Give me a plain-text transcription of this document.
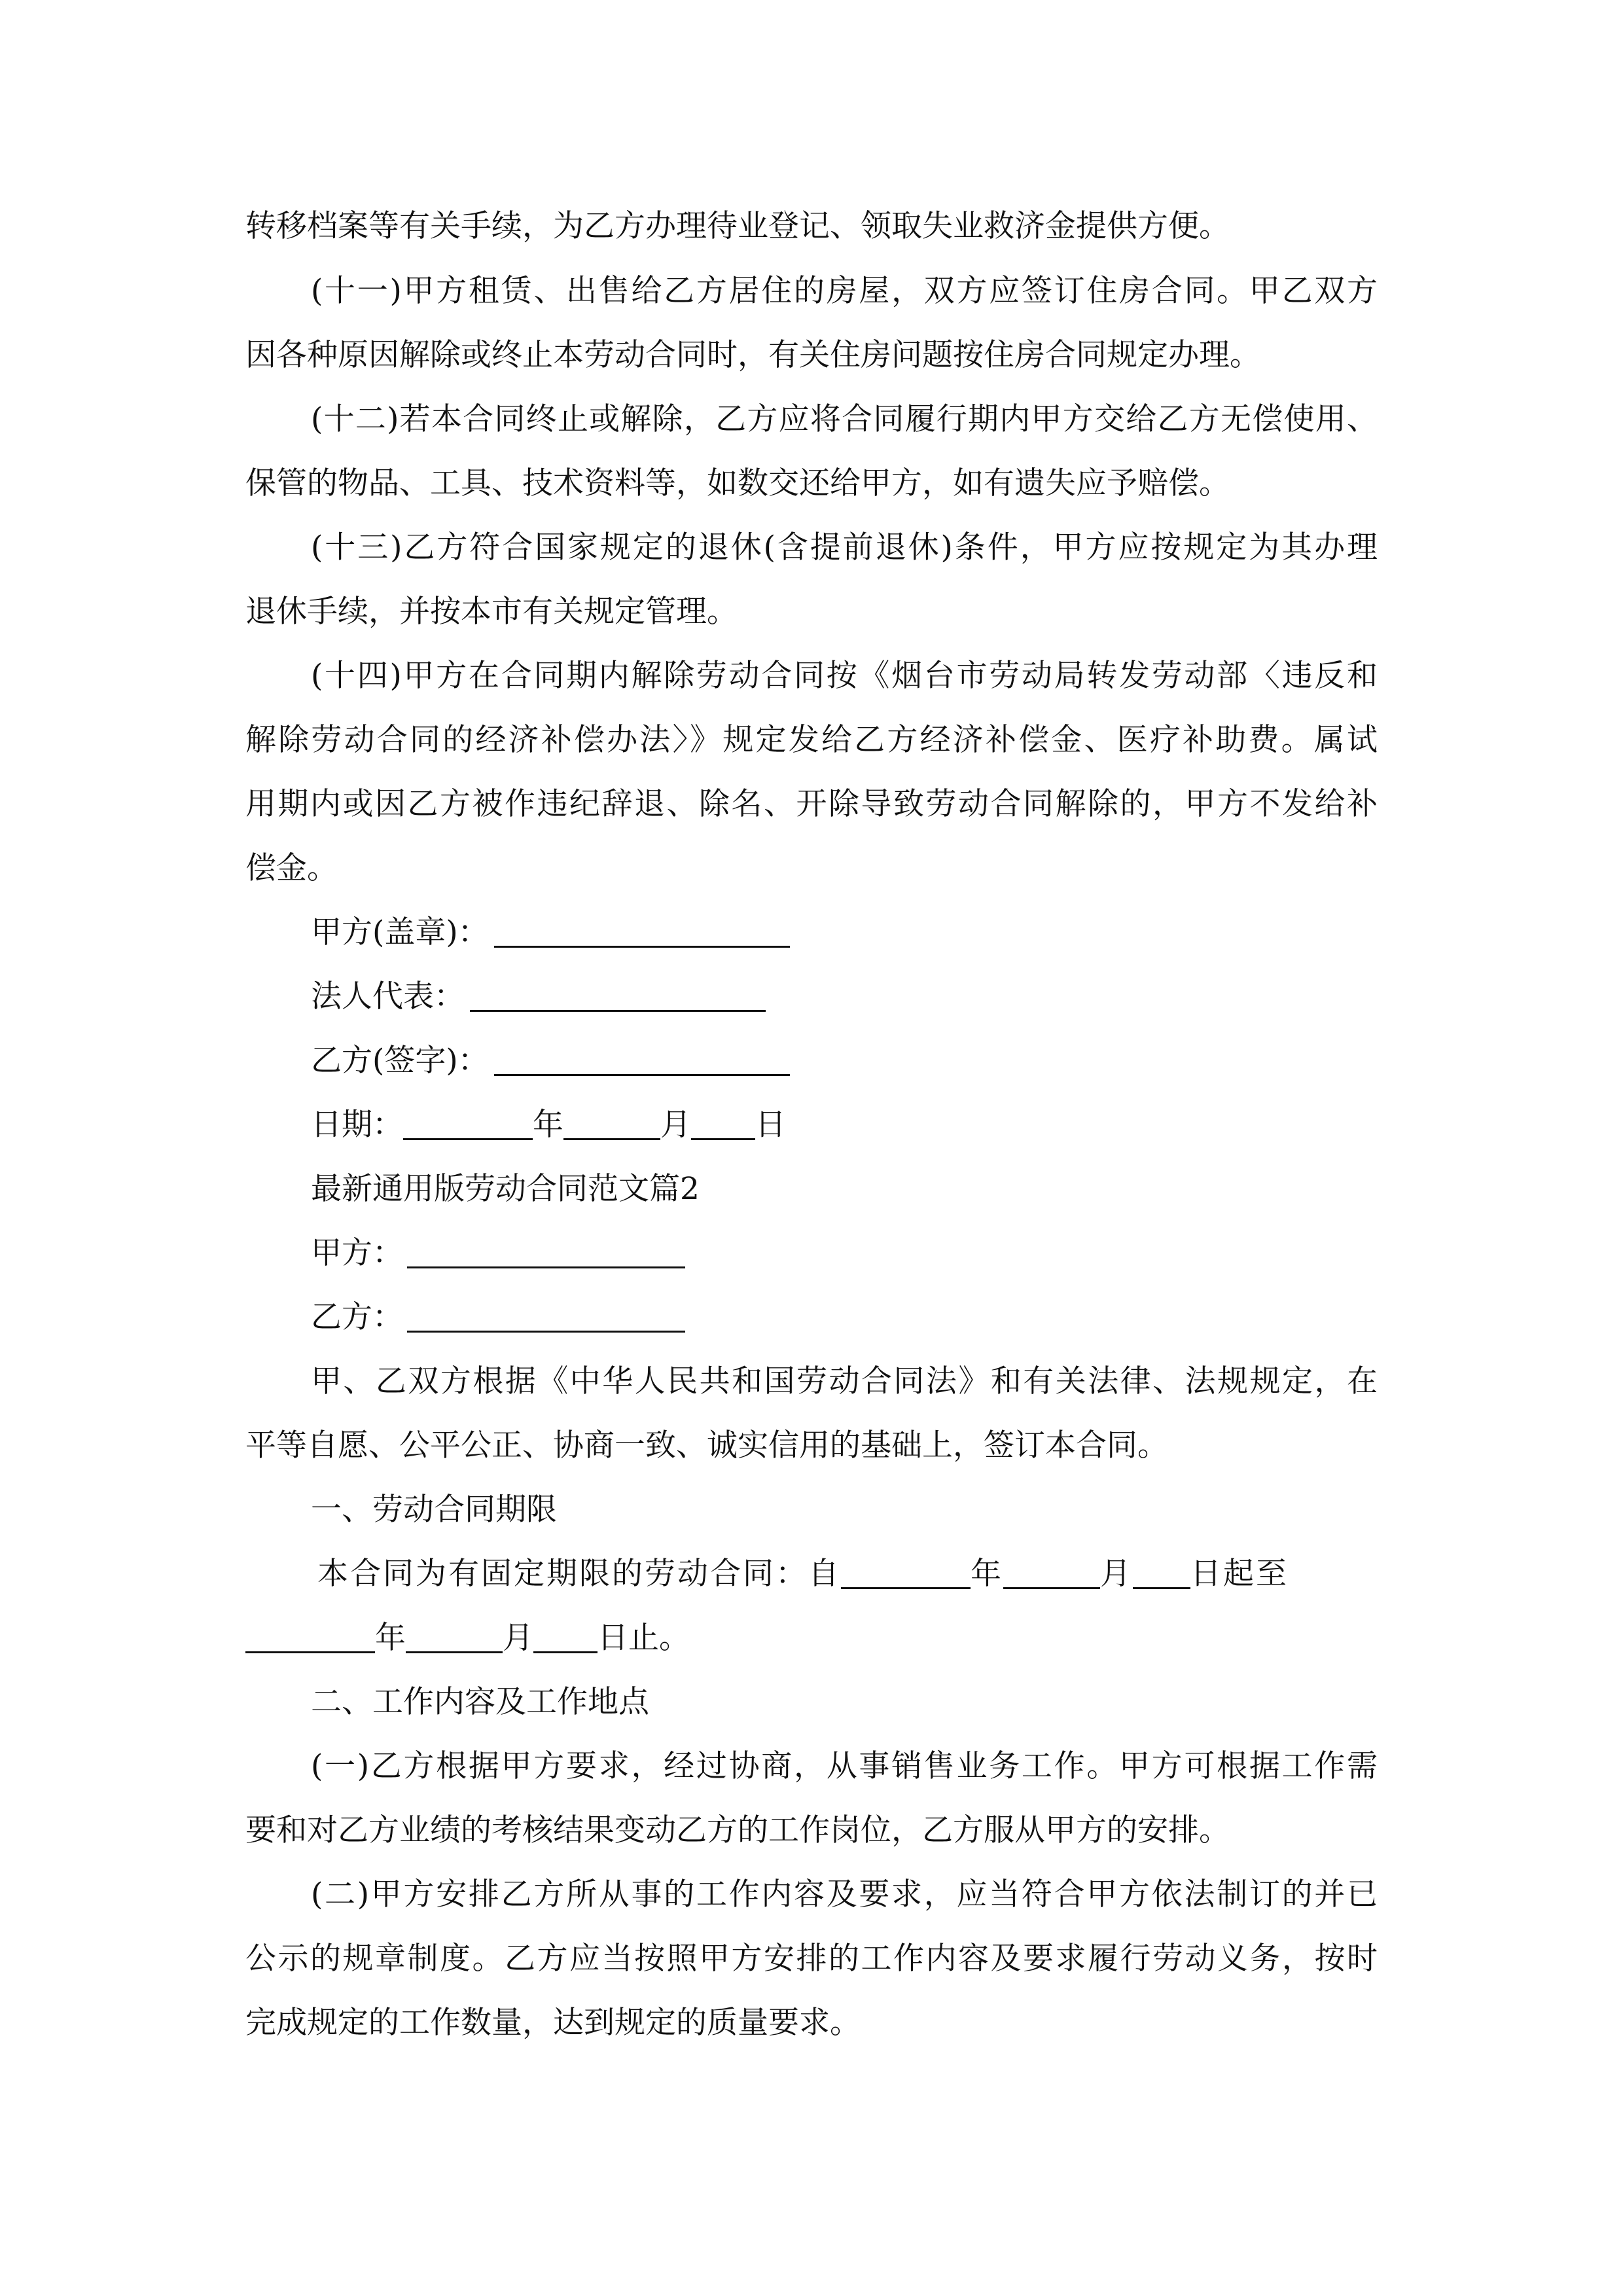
转移档案等有关手续，为乙方办理待业登记、领取失业救济金提供方便。
(十一)甲方租赁、出售给乙方居住的房屋，双方应签订住房合同。甲乙双方
因各种原因解除或终止本劳动合同时，有关住房问题按住房合同规定办理。
(十二)若本合同终止或解除，乙方应将合同履行期内甲方交给乙方无偿使用、
保管的物品、工具、技术资料等，如数交还给甲方，如有遗失应予赔偿。
(十三)乙方符合国家规定的退休(含提前退休)条件，甲方应按规定为其办理
退休手续，并按本市有关规定管理。
(十四)甲方在合同期内解除劳动合同按《烟台市劳动局转发劳动部〈违反和
解除劳动合同的经济补偿办法〉》规定发给乙方经济补偿金、医疗补助费。属试
用期内或因乙方被作违纪辞退、除名、开除导致劳动合同解除的，甲方不发给补
偿金。
甲方(盖章)：
法人代表：
乙方(签字)：
日期：	年	月 日
最新通用版劳动合同范文篇2
甲方：
乙方：
甲、乙双方根据《中华人民共和国劳动合同法》和有关法律、法规规定，在
平等自愿、公平公正、协商一致、诚实信用的基础上，签订本合同。
一、劳动合同期限
本合同为有固定期限的劳动合同：自	年	月 日起至
年	月 日止。
二、工作内容及工作地点
(一)乙方根据甲方要求，经过协商，从事销售业务工作。甲方可根据工作需
要和对乙方业绩的考核结果变动乙方的工作岗位，乙方服从甲方的安排。
(二)甲方安排乙方所从事的工作内容及要求，应当符合甲方依法制订的并已
公示的规章制度。乙方应当按照甲方安排的工作内容及要求履行劳动义务，按时
完成规定的工作数量，达到规定的质量要求。
